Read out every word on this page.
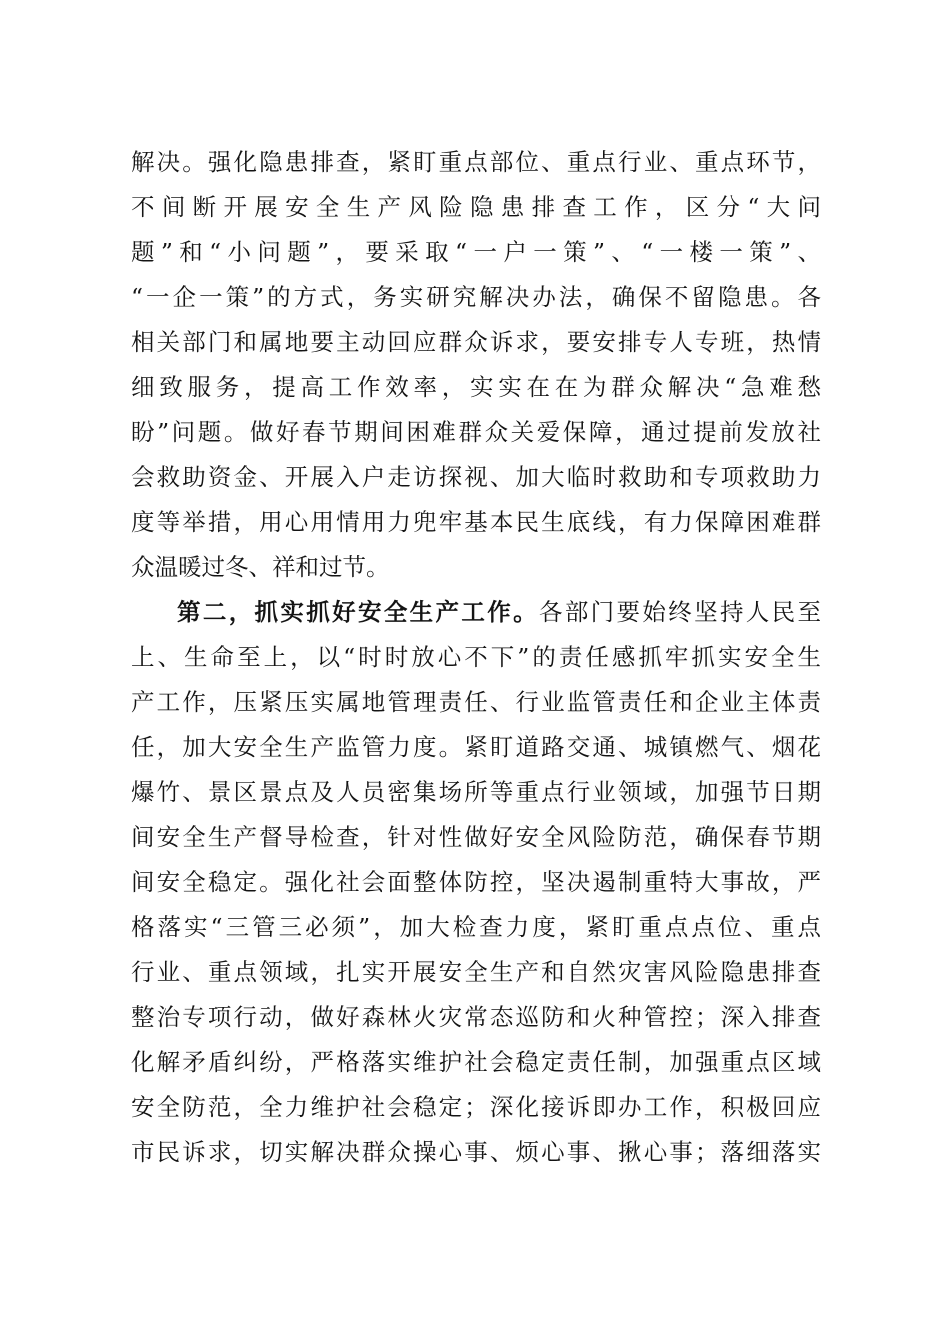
解决。强化隐患排查，紧盯重点部位、重点行业、重点环节，
不间断开展安全生产风险隐患排查工作，区分“大问
题”和“小问题”，要采取“一户一策”、“一楼一策”、
“一企一策”的方式，务实研究解决办法，确保不留隐患。各
相关部门和属地要主动回应群众诉求，要安排专人专班，热情
细致服务，提高工作效率，实实在在为群众解决“急难愁
盼”问题。做好春节期间困难群众关爱保障，通过提前发放社
会救助资金、开展入户走访探视、加大临时救助和专项救助力
度等举措，用心用情用力兜牢基本民生底线，有力保障困难群
众温暖过冬、祥和过节。
第二，抓实抓好安全生产工作。各部门要始终坚持人民至
上、生命至上，以“时时放心不下”的责任感抓牢抓实安全生
产工作，压紧压实属地管理责任、行业监管责任和企业主体责
任，加大安全生产监管力度。紧盯道路交通、城镇燃气、烟花
爆竹、景区景点及人员密集场所等重点行业领域，加强节日期
间安全生产督导检查，针对性做好安全风险防范，确保春节期
间安全稳定。强化社会面整体防控，坚决遏制重特大事故，严
格落实“三管三必须”，加大检查力度，紧盯重点点位、重点
行业、重点领域，扎实开展安全生产和自然灾害风险隐患排查
整治专项行动，做好森林火灾常态巡防和火种管控；深入排查
化解矛盾纠纷，严格落实维护社会稳定责任制，加强重点区域
安全防范，全力维护社会稳定；深化接诉即办工作，积极回应
市民诉求，切实解决群众操心事、烦心事、揪心事；落细落实
